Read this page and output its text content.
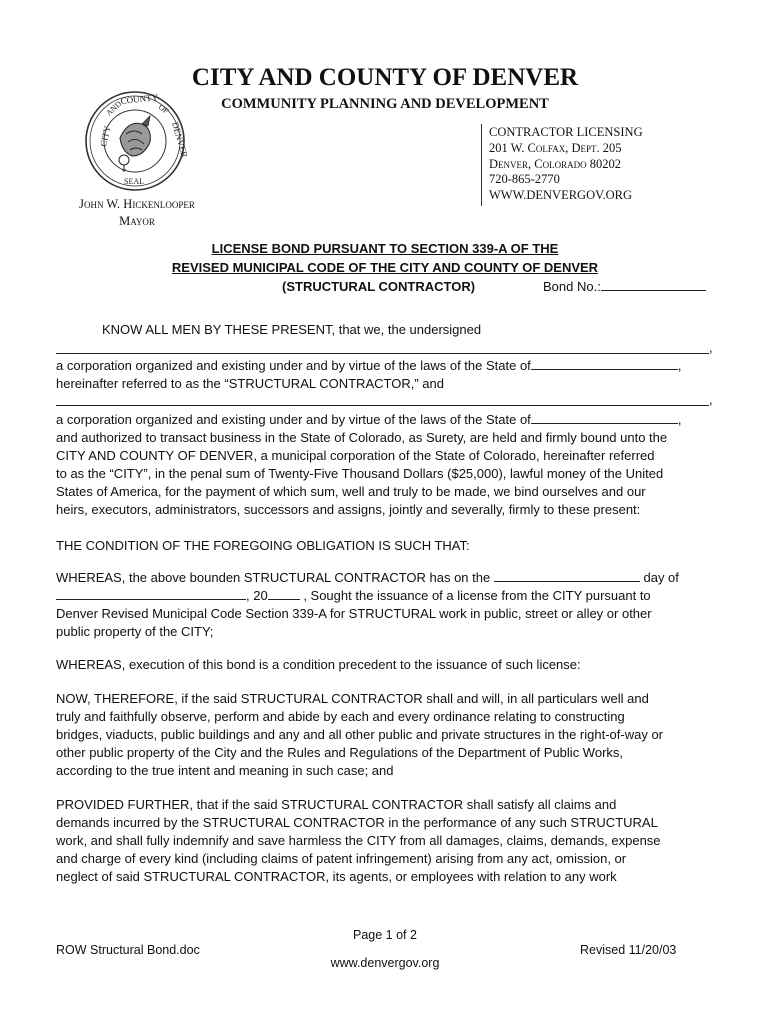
CITY AND COUNTY OF DENVER
COMMUNITY PLANNING AND DEVELOPMENT
CITY
AND
COUNTY
OF
DENVER
SEAL
John W. Hickenlooper
Mayor
CONTRACTOR LICENSING
201 W. Colfax, Dept. 205
Denver, Colorado 80202
720-865-2770
WWW.DENVERGOV.ORG
LICENSE BOND PURSUANT TO SECTION 339-A OF THE
REVISED MUNICIPAL CODE OF THE CITY AND COUNTY OF DENVER
(STRUCTURAL CONTRACTOR)	Bond No.:
KNOW ALL MEN BY THESE PRESENT, that we, the undersigned
,
a corporation organized and existing under and by virtue of the laws of the State of	,
hereinafter referred to as the “STRUCTURAL CONTRACTOR,” and
,
a corporation organized and existing under and by virtue of the laws of the State of	,

and authorized to transact business in the State of Colorado, as Surety, are held and firmly bound unto the

CITY AND COUNTY OF DENVER, a municipal corporation of the State of Colorado, hereinafter referred

to as the “CITY”, in the penal sum of Twenty-Five Thousand Dollars ($25,000), lawful money of the United

States of America, for the payment of which sum, well and truly to be made, we bind ourselves and our

heirs, executors, administrators, successors and assigns, jointly and severally, firmly to these present:

THE CONDITION OF THE FOREGOING OBLIGATION IS SUCH THAT:

WHEREAS, the above bounden STRUCTURAL CONTRACTOR has on the	day of

, 20	, Sought the issuance of a license from the CITY pursuant to

Denver Revised Municipal Code Section 339-A for STRUCTURAL work in public, street or alley or other

public property of the CITY;

WHEREAS, execution of this bond is a condition precedent to the issuance of such license:

NOW, THEREFORE, if the said STRUCTURAL CONTRACTOR shall and will, in all particulars well and

truly and faithfully observe, perform and abide by each and every ordinance relating to constructing

bridges, viaducts, public buildings and any and all other public and private structures in the right-of-way or

other public property of the City and the Rules and Regulations of the Department of Public Works,

according to the true intent and meaning in such case; and

PROVIDED FURTHER, that if the said STRUCTURAL CONTRACTOR shall satisfy all claims and

demands incurred by the STRUCTURAL CONTRACTOR in the performance of any such STRUCTURAL

work, and shall fully indemnify and save harmless the CITY from all damages, claims, demands, expense

and charge of every kind (including claims of patent infringement) arising from any act, omission, or

neglect of said STRUCTURAL CONTRACTOR, its agents, or employees with relation to any work

Page 1 of 2
ROW Structural Bond.doc
www.denvergov.org
Revised 11/20/03
